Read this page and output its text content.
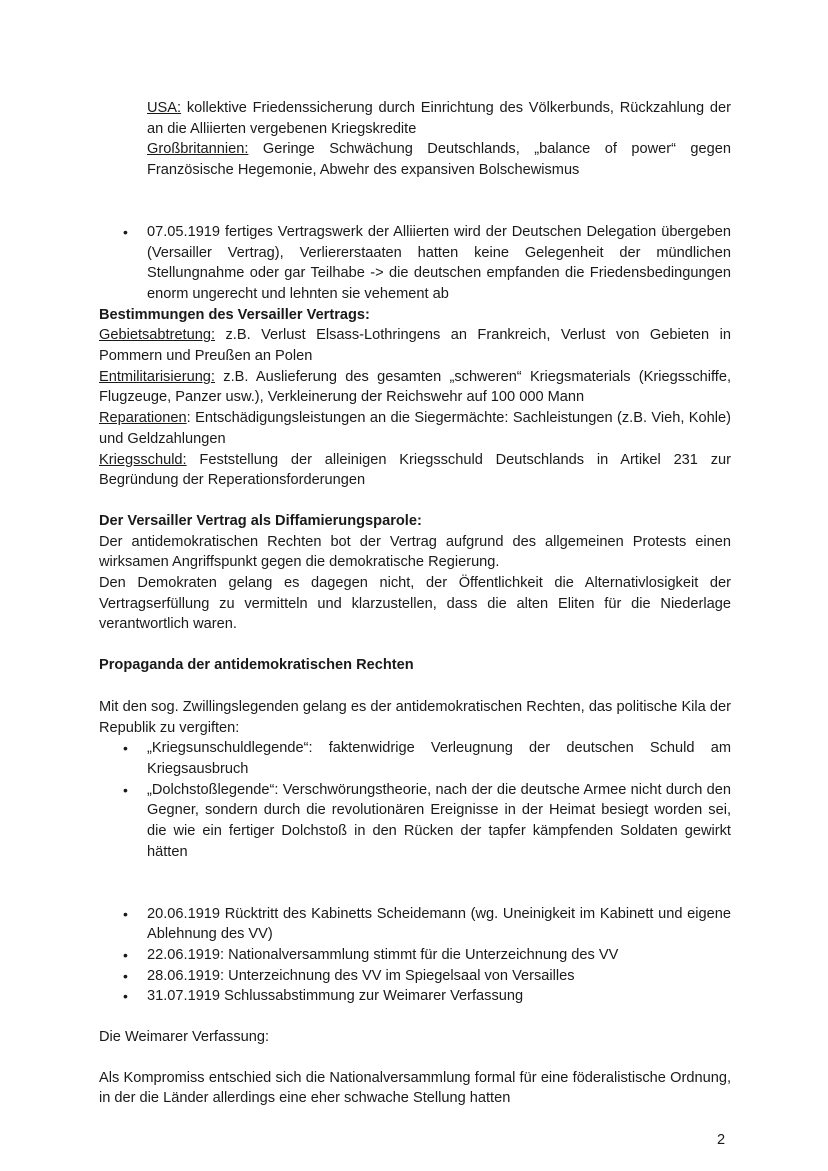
USA: kollektive Friedenssicherung durch Einrichtung des Völkerbunds, Rückzahlung der an die Alliierten vergebenen Kriegskredite

Großbritannien: Geringe Schwächung Deutschlands, „balance of power“ gegen Französische Hegemonie, Abwehr des expansiven Bolschewismus

• 07.05.1919 fertiges Vertragswerk der Alliierten wird der Deutschen Delegation übergeben (Versailler Vertrag), Verliererstaaten hatten keine Gelegenheit der mündlichen Stellungnahme oder gar Teilhabe -> die deutschen empfanden die Friedensbedingungen enorm ungerecht und lehnten sie vehement ab

Bestimmungen des Versailler Vertrags:

Gebietsabtretung: z.B. Verlust Elsass-Lothringens an Frankreich, Verlust von Gebieten in Pommern und Preußen an Polen

Entmilitarisierung: z.B. Auslieferung des gesamten „schweren“ Kriegsmaterials (Kriegsschiffe, Flugzeuge, Panzer usw.), Verkleinerung der Reichswehr auf 100 000 Mann

Reparationen: Entschädigungsleistungen an die Siegermächte: Sachleistungen (z.B. Vieh, Kohle) und Geldzahlungen

Kriegsschuld: Feststellung der alleinigen Kriegsschuld Deutschlands in Artikel 231 zur Begründung der Reperationsforderungen

Der Versailler Vertrag als Diffamierungsparole:

Der antidemokratischen Rechten bot der Vertrag aufgrund des allgemeinen Protests einen wirksamen Angriffspunkt gegen die demokratische Regierung.

Den Demokraten gelang es dagegen nicht, der Öffentlichkeit die Alternativlosigkeit der Vertragserfüllung zu vermitteln und klarzustellen, dass die alten Eliten für die Niederlage verantwortlich waren.

Propaganda der antidemokratischen Rechten

Mit den sog. Zwillingslegenden gelang es der antidemokratischen Rechten, das politische Kila der Republik zu vergiften:

• „Kriegsunschuldlegende“: faktenwidrige Verleugnung der deutschen Schuld am Kriegsausbruch

• „Dolchstoßlegende“: Verschwörungstheorie, nach der die deutsche Armee nicht durch den Gegner, sondern durch die revolutionären Ereignisse in der Heimat besiegt worden sei, die wie ein fertiger Dolchstoß in den Rücken der tapfer kämpfenden Soldaten gewirkt hätten

• 20.06.1919 Rücktritt des Kabinetts Scheidemann (wg. Uneinigkeit im Kabinett und eigene Ablehnung des VV)

• 22.06.1919: Nationalversammlung stimmt für die Unterzeichnung des VV

• 28.06.1919: Unterzeichnung des VV im Spiegelsaal von Versailles

• 31.07.1919 Schlussabstimmung zur Weimarer Verfassung

Die Weimarer Verfassung:

Als Kompromiss entschied sich die Nationalversammlung formal für eine föderalistische Ordnung, in der die Länder allerdings eine eher schwache Stellung hatten

2
